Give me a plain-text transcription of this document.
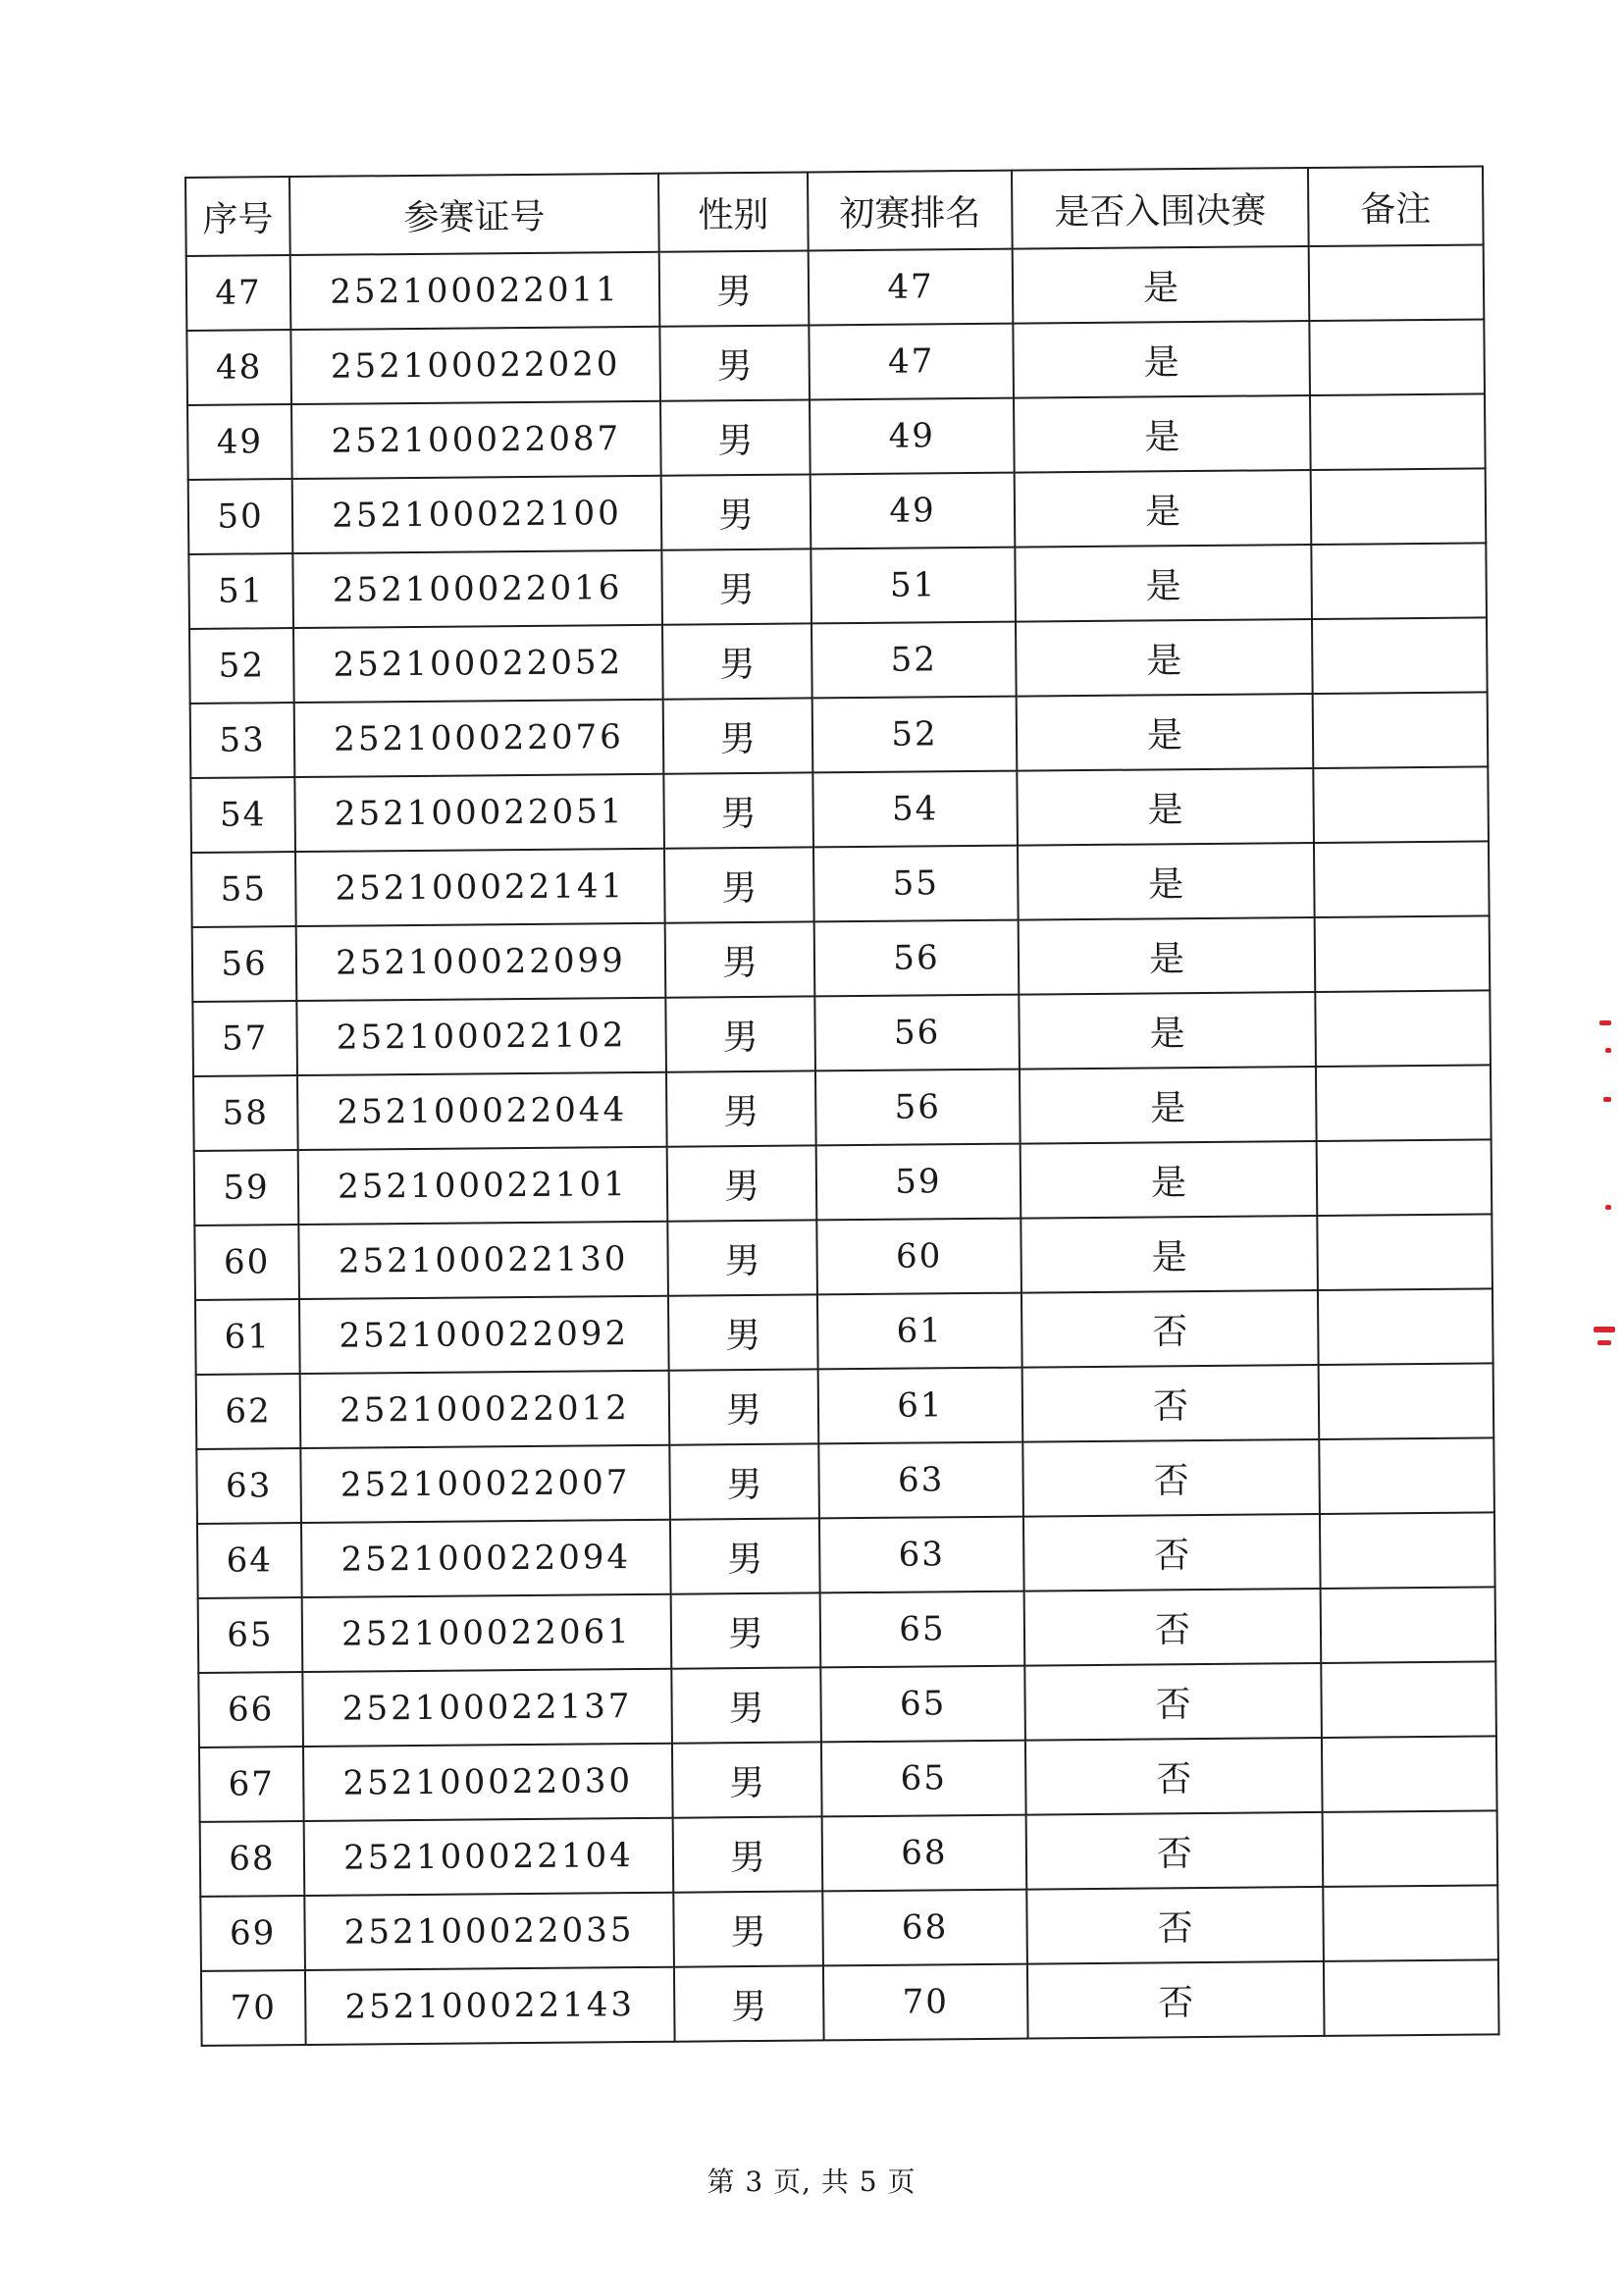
序号	参赛证号	性别	初赛排名	是否入围决赛	备注
47	252100022011	男	47	是	
48	252100022020	男	47	是	
49	252100022087	男	49	是	
50	252100022100	男	49	是	
51	252100022016	男	51	是	
52	252100022052	男	52	是	
53	252100022076	男	52	是	
54	252100022051	男	54	是	
55	252100022141	男	55	是	
56	252100022099	男	56	是	
57	252100022102	男	56	是	
58	252100022044	男	56	是	
59	252100022101	男	59	是	
60	252100022130	男	60	是	
61	252100022092	男	61	否	
62	252100022012	男	61	否	
63	252100022007	男	63	否	
64	252100022094	男	63	否	
65	252100022061	男	65	否	
66	252100022137	男	65	否	
67	252100022030	男	65	否	
68	252100022104	男	68	否	
69	252100022035	男	68	否	
70	252100022143	男	70	否	
第 3 页, 共 5 页
